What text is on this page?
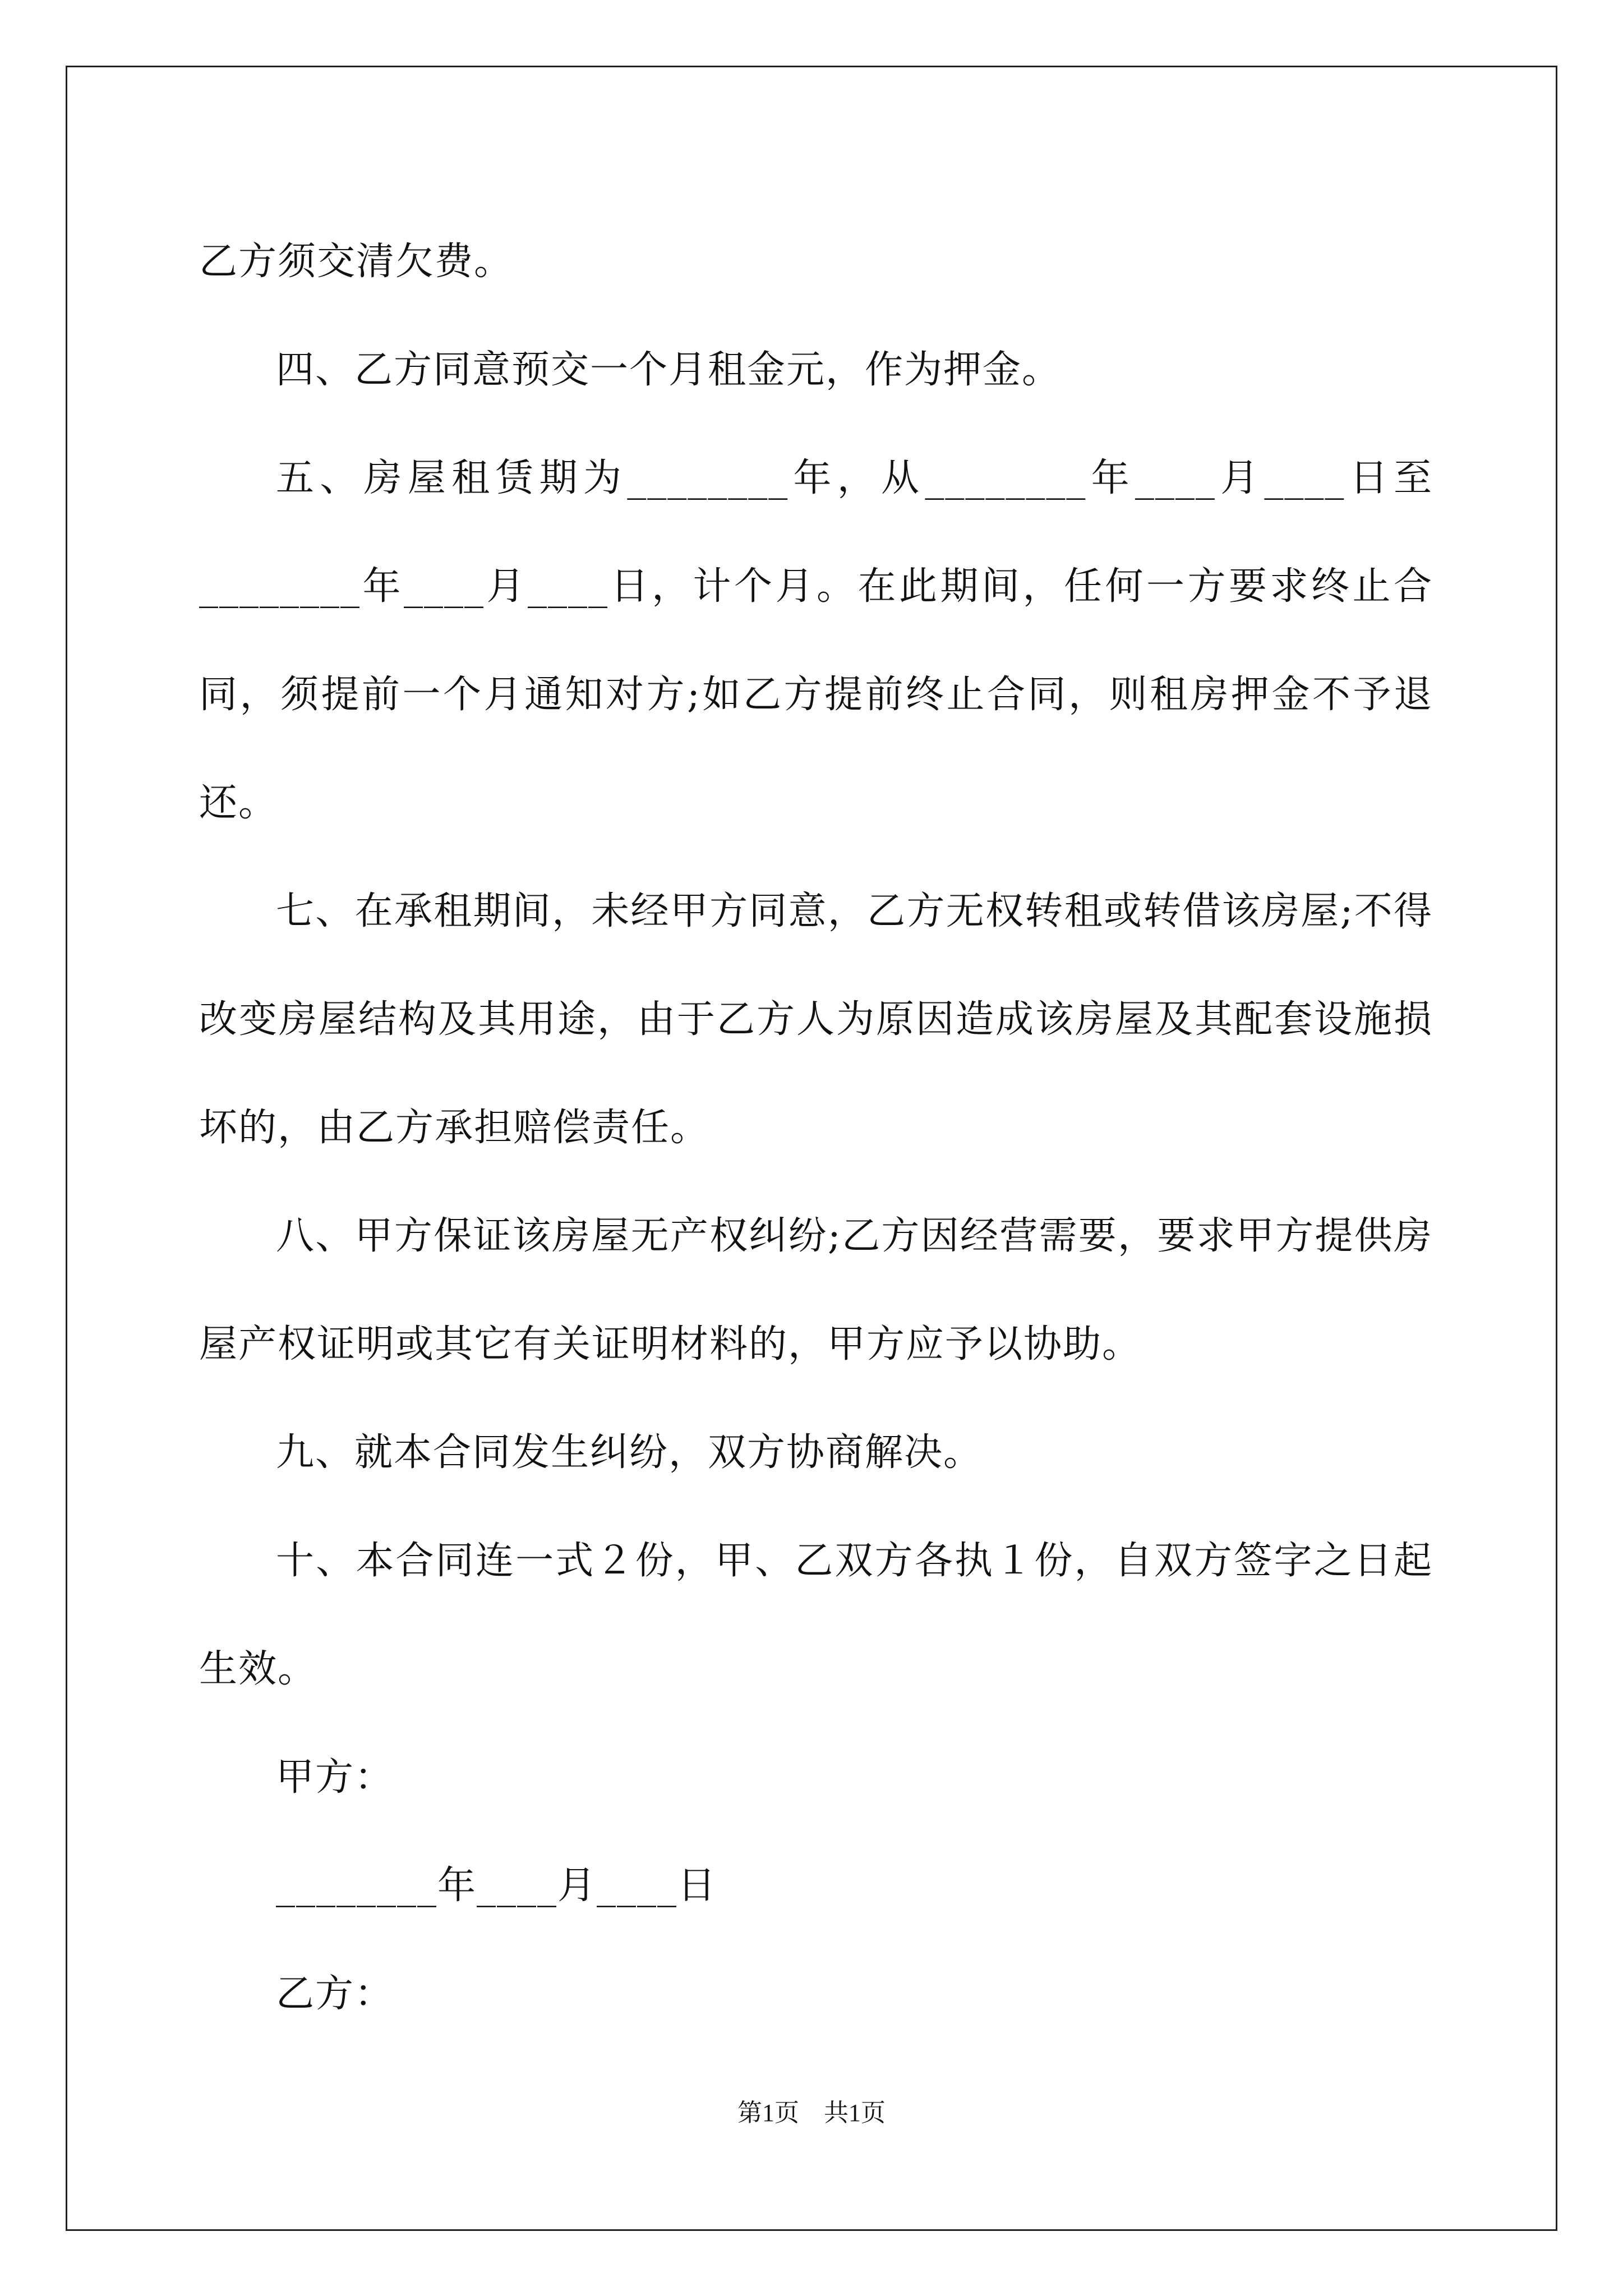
乙方须交清欠费。

四、乙方同意预交一个月租金元，作为押金。

五、房屋租赁期为________年，从________年____月____日至________年____月____日，计个月。在此期间，任何一方要求终止合同，须提前一个月通知对方;如乙方提前终止合同，则租房押金不予退还。

七、在承租期间，未经甲方同意，乙方无权转租或转借该房屋;不得改变房屋结构及其用途，由于乙方人为原因造成该房屋及其配套设施损坏的，由乙方承担赔偿责任。

八、甲方保证该房屋无产权纠纷;乙方因经营需要，要求甲方提供房屋产权证明或其它有关证明材料的，甲方应予以协助。

九、就本合同发生纠纷，双方协商解决。

十、本合同连一式２份，甲、乙双方各执１份，自双方签字之日起生效。

甲方：

________年____月____日

乙方：

第1页　共1页
